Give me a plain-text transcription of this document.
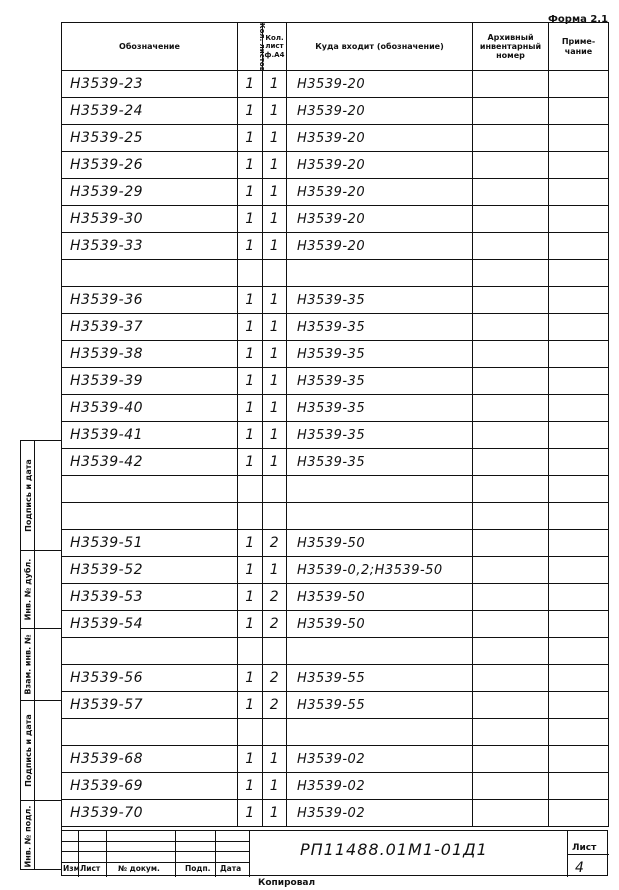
Форма 2.1
Обозначение	Кол. листов	Кол. лист ф.А4	Куда входит (обозначение)	Архивный инвентарный номер	Приме- чание
Н3539-23	1	1	Н3539-20		
Н3539-24	1	1	Н3539-20		
Н3539-25	1	1	Н3539-20		
Н3539-26	1	1	Н3539-20		
Н3539-29	1	1	Н3539-20		
Н3539-30	1	1	Н3539-20		
Н3539-33	1	1	Н3539-20		

Н3539-36	1	1	Н3539-35		
Н3539-37	1	1	Н3539-35		
Н3539-38	1	1	Н3539-35		
Н3539-39	1	1	Н3539-35		
Н3539-40	1	1	Н3539-35		
Н3539-41	1	1	Н3539-35		
Н3539-42	1	1	Н3539-35		

Н3539-51	1	2	Н3539-50		
Н3539-52	1	1	Н3539-0,2;Н3539-50		
Н3539-53	1	2	Н3539-50		
Н3539-54	1	2	Н3539-50		

Н3539-56	1	2	Н3539-55		
Н3539-57	1	2	Н3539-55		

Н3539-68	1	1	Н3539-02		
Н3539-69	1	1	Н3539-02		
Н3539-70	1	1	Н3539-02		
Подпись и дата
Инв. № дубл.
Взам. инв. №
Подпись и дата
Инв. № подл.
Изм Лист № докум.	Подп. Дата
РП11488.01М1-01Д1	Лист
4
Копировал
